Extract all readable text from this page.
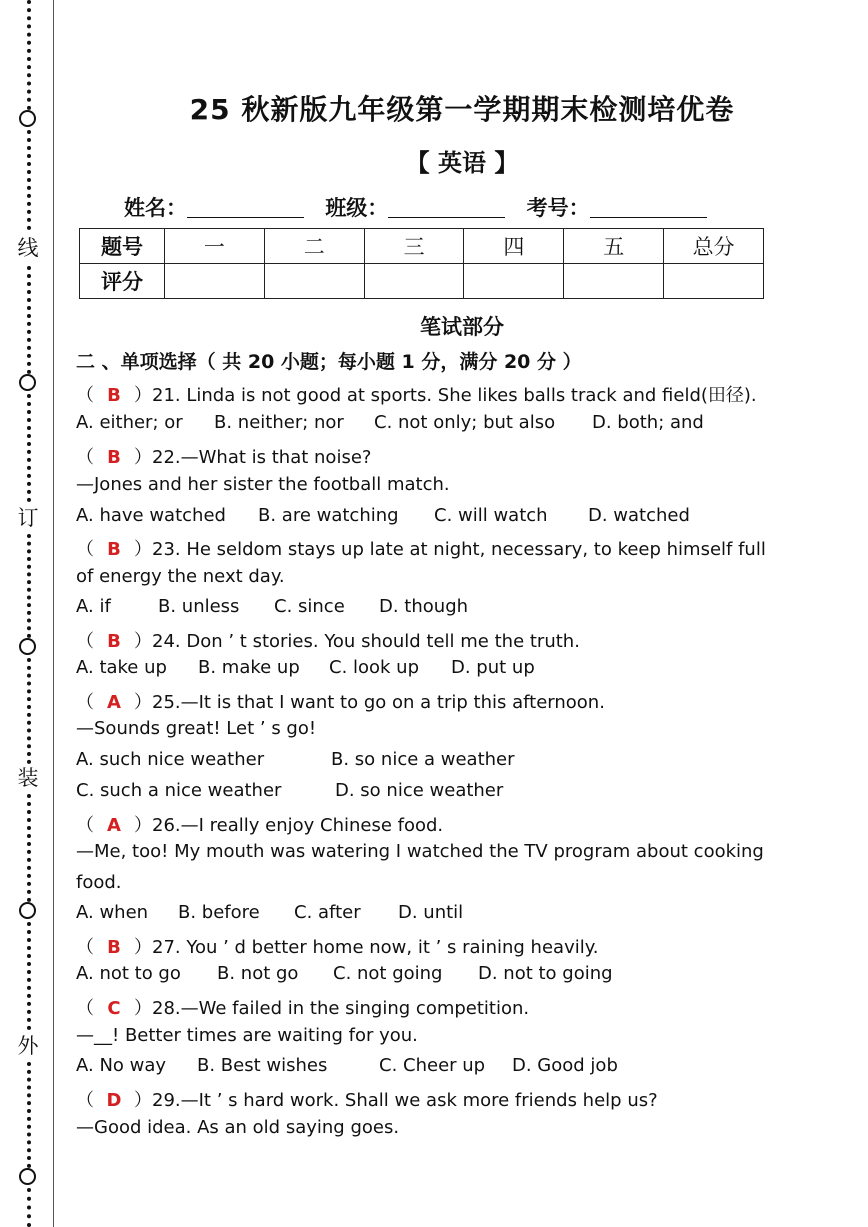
线
订
装
外
25 秋新版九年级第一学期期末检测培优卷
【 英语 】
姓名：	班级：	考号：
题号	一	二	三	四	五	总分
评分						
笔试部分
二 、单项选择（ 共 20 小题；每小题 1 分，满分 20 分 ）
（ B ）21. Linda is not good at sports. She likes balls track and field(田径).
A. either; or B. neither; nor C. not only; but also D. both; and
（ B ）22.—What is that noise?
—Jones and her sister the football match.
A. have watched B. are watching C. will watch D. watched
（ B ）23. He seldom stays up late at night, necessary, to keep himself full
of energy the next day.
A. if	B. unless C. since D. though
（ B ）24. Don ’ t stories. You should tell me the truth.
A. take up B. make up C. look up D. put up
（ A ）25.—It is that I want to go on a trip this afternoon.
—Sounds great! Let ’ s go!
A. such nice weather	B. so nice a weather
C. such a nice weather	D. so nice weather
（ A ）26.—I really enjoy Chinese food.
—Me, too! My mouth was watering I watched the TV program about cooking
food.
A. when B. before C. after D. until
（ B ）27. You ’ d better home now, it ’ s raining heavily.
A. not to go B. not go C. not going D. not to going
（ C ）28.—We failed in the singing competition.
—__! Better times are waiting for you.
A. No way B. Best wishes	C. Cheer up D. Good job
（ D ）29.—It ’ s hard work. Shall we ask more friends help us?
—Good idea. As an old saying goes.
